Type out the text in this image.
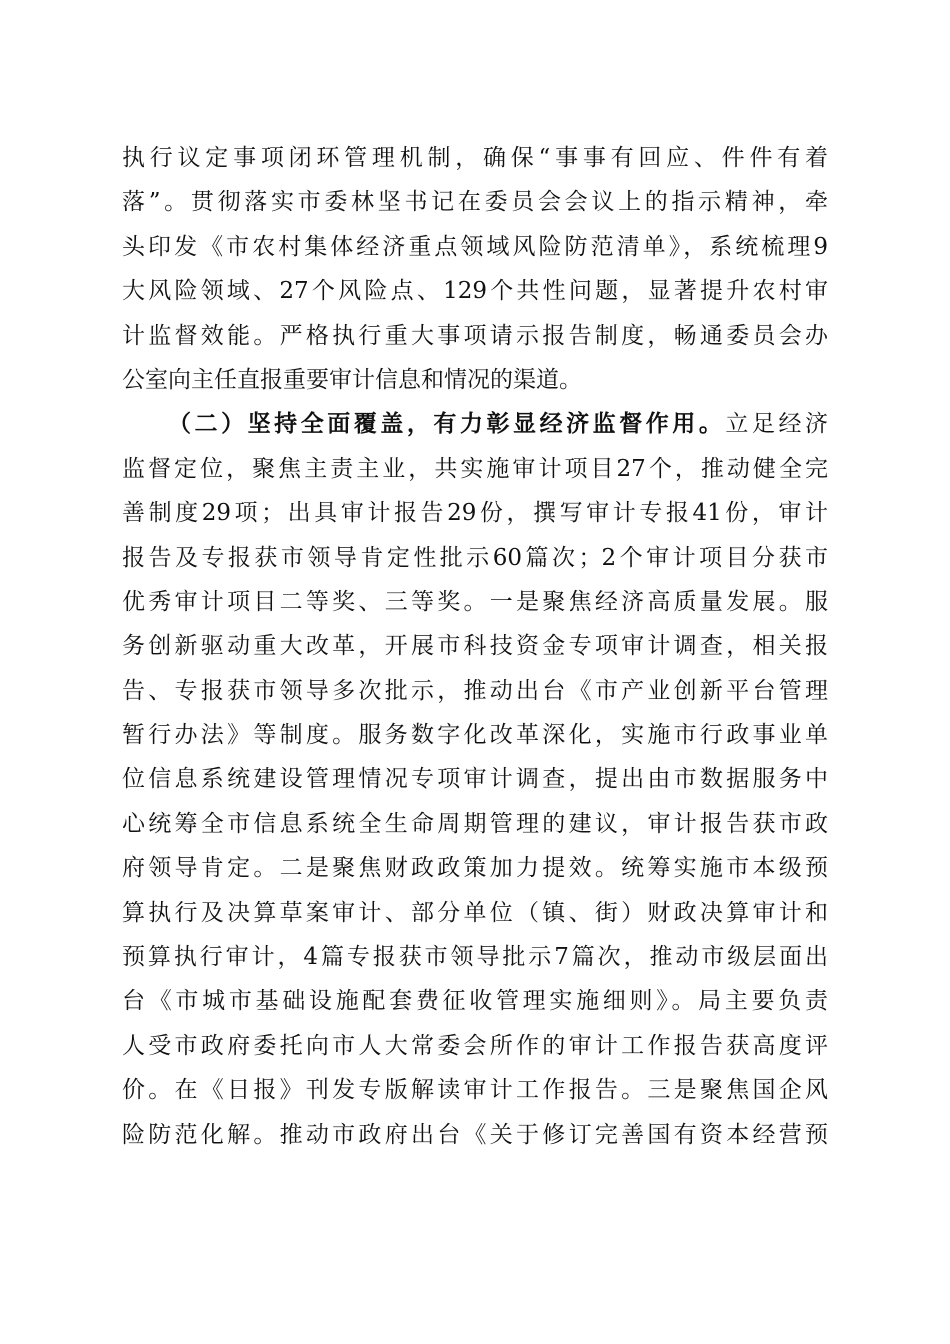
执行议定事项闭环管理机制，确保“事事有回应、件件有着
落”。贯彻落实市委林坚书记在委员会会议上的指示精神，牵
头印发《市农村集体经济重点领域风险防范清单》，系统梳理9
大风险领域、27个风险点、129个共性问题，显著提升农村审
计监督效能。严格执行重大事项请示报告制度，畅通委员会办
公室向主任直报重要审计信息和情况的渠道。
（二）坚持全面覆盖，有力彰显经济监督作用。立足经济
监督定位，聚焦主责主业，共实施审计项目27个，推动健全完
善制度29项；出具审计报告29份，撰写审计专报41份，审计
报告及专报获市领导肯定性批示60篇次；2个审计项目分获市
优秀审计项目二等奖、三等奖。一是聚焦经济高质量发展。服
务创新驱动重大改革，开展市科技资金专项审计调查，相关报
告、专报获市领导多次批示，推动出台《市产业创新平台管理
暂行办法》等制度。服务数字化改革深化，实施市行政事业单
位信息系统建设管理情况专项审计调查，提出由市数据服务中
心统筹全市信息系统全生命周期管理的建议，审计报告获市政
府领导肯定。二是聚焦财政政策加力提效。统筹实施市本级预
算执行及决算草案审计、部分单位（镇、街）财政决算审计和
预算执行审计，4篇专报获市领导批示7篇次，推动市级层面出
台《市城市基础设施配套费征收管理实施细则》。局主要负责
人受市政府委托向市人大常委会所作的审计工作报告获高度评
价。在《日报》刊发专版解读审计工作报告。三是聚焦国企风
险防范化解。推动市政府出台《关于修订完善国有资本经营预
